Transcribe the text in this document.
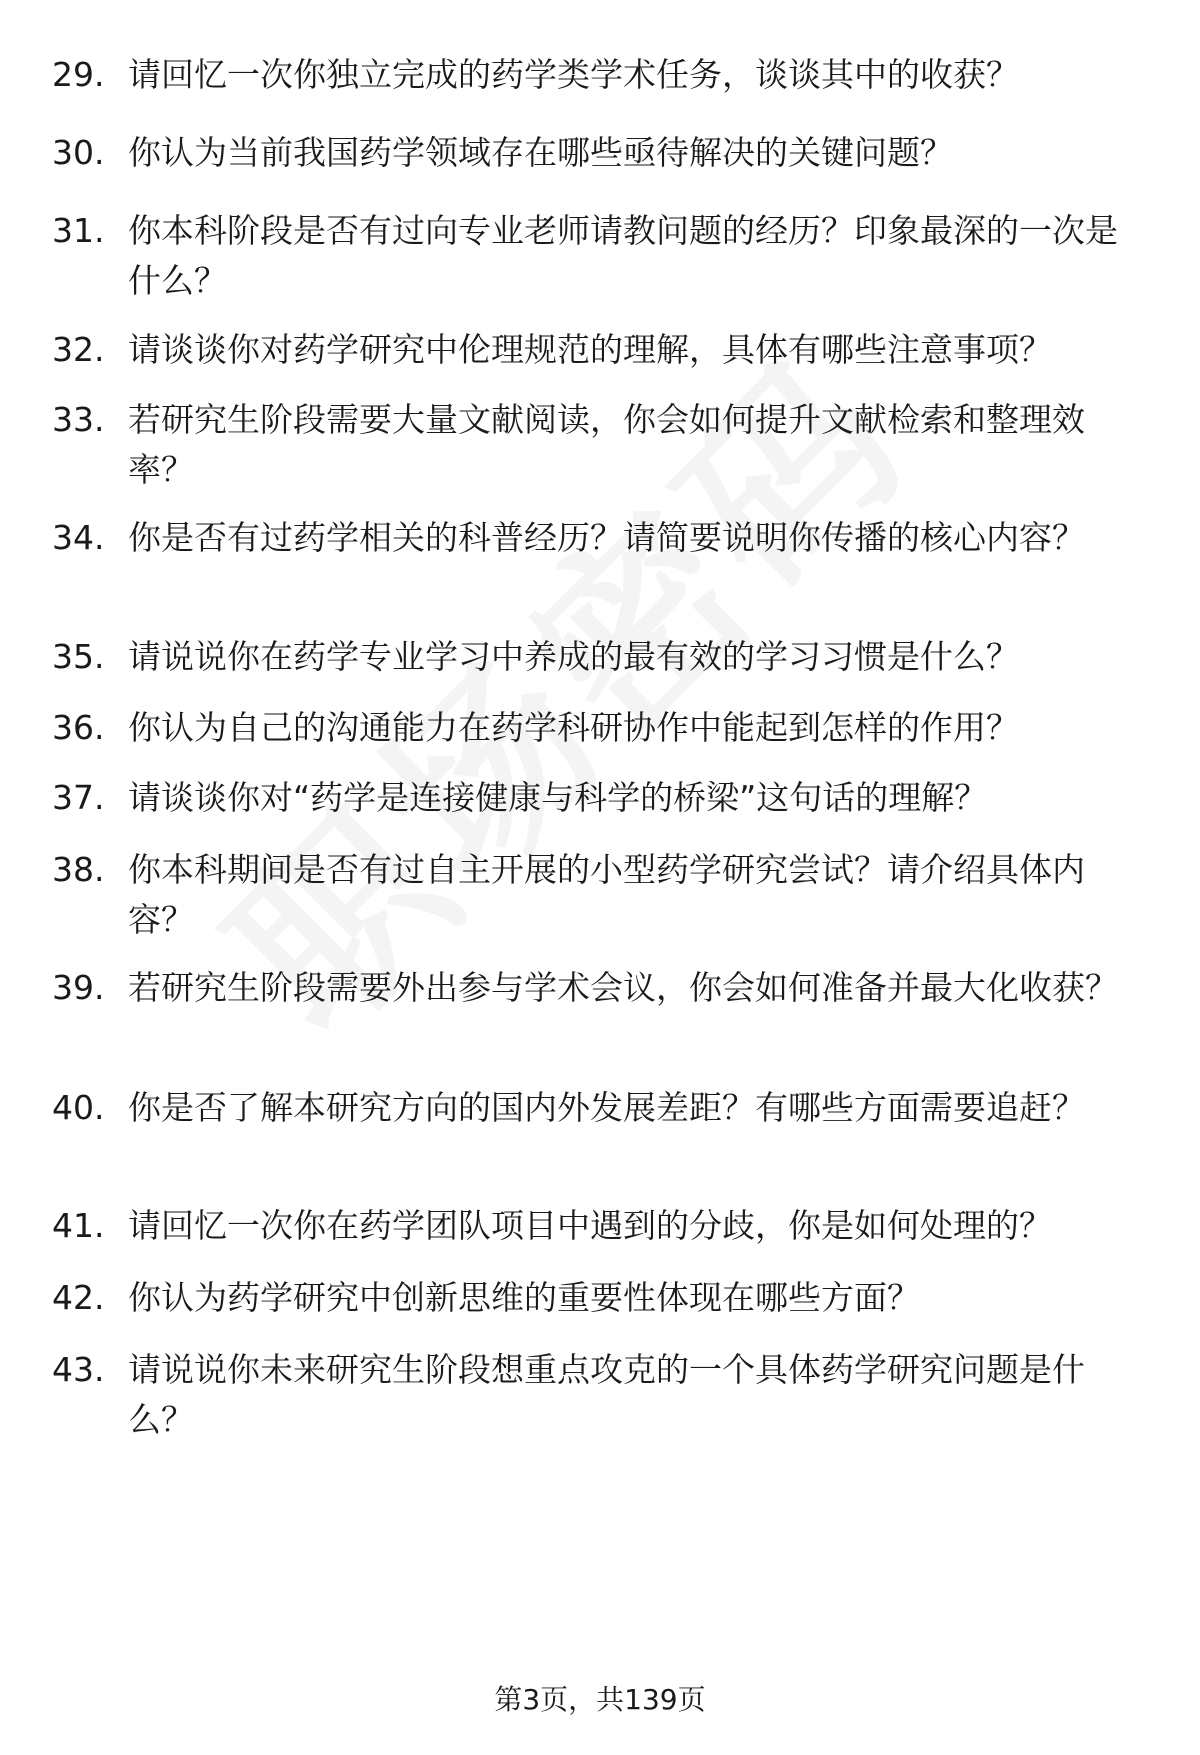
29. 请回忆一次你独立完成的药学类学术任务，谈谈其中的收获？
30. 你认为当前我国药学领域存在哪些亟待解决的关键问题？
31. 你本科阶段是否有过向专业老师请教问题的经历？印象最深的一次是什么？
32. 请谈谈你对药学研究中伦理规范的理解，具体有哪些注意事项？
33. 若研究生阶段需要大量文献阅读，你会如何提升文献检索和整理效率？
34. 你是否有过药学相关的科普经历？请简要说明你传播的核心内容？
35. 请说说你在药学专业学习中养成的最有效的学习习惯是什么？
36. 你认为自己的沟通能力在药学科研协作中能起到怎样的作用？
37. 请谈谈你对“药学是连接健康与科学的桥梁”这句话的理解？
38. 你本科期间是否有过自主开展的小型药学研究尝试？请介绍具体内容？
39. 若研究生阶段需要外出参与学术会议，你会如何准备并最大化收获？
40. 你是否了解本研究方向的国内外发展差距？有哪些方面需要追赶？
41. 请回忆一次你在药学团队项目中遇到的分歧，你是如何处理的？
42. 你认为药学研究中创新思维的重要性体现在哪些方面？
43. 请说说你未来研究生阶段想重点攻克的一个具体药学研究问题是什么？
第3页，共139页
